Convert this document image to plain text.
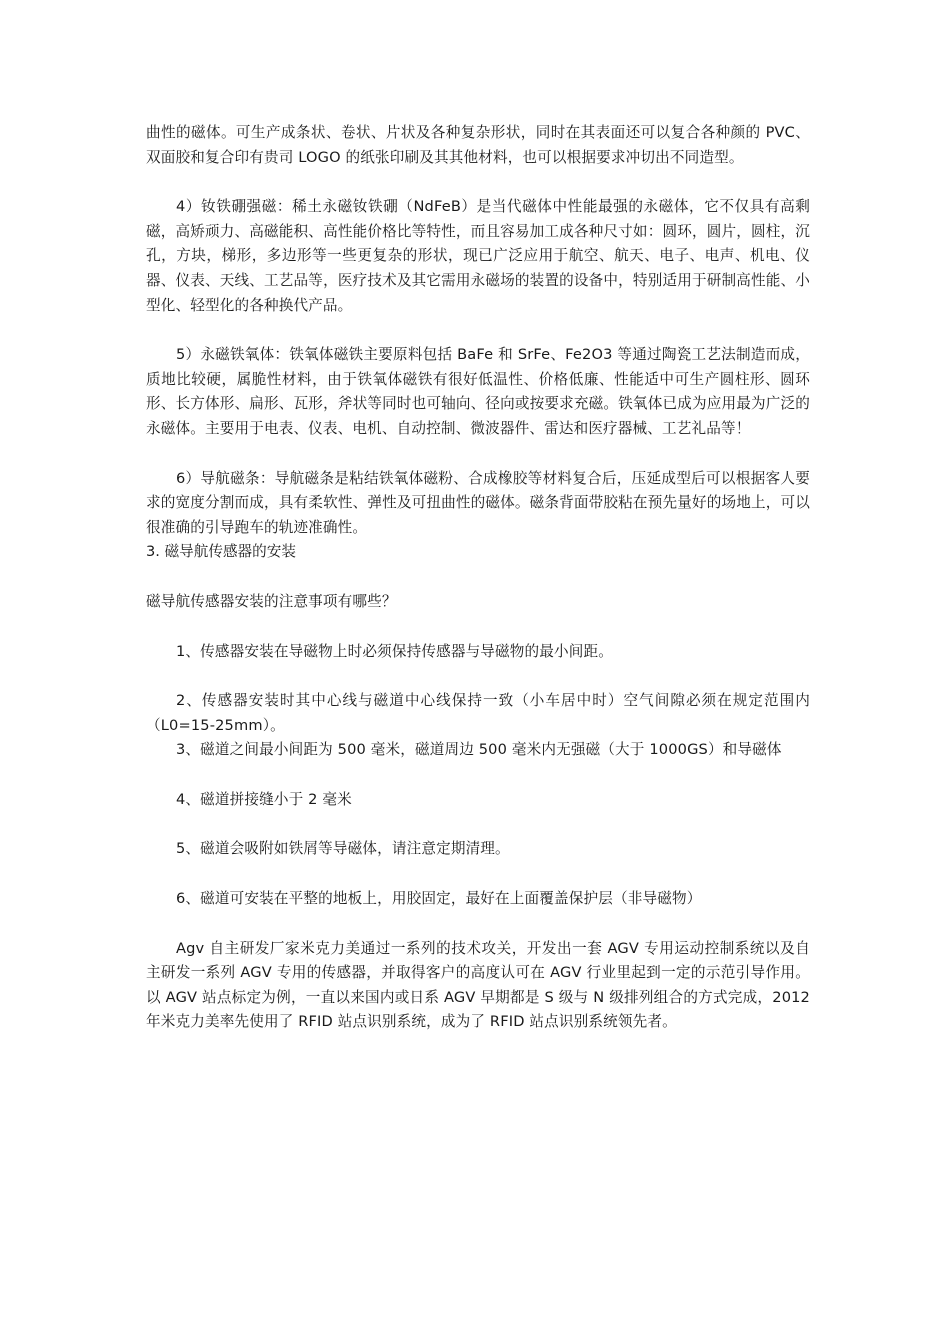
曲性的磁体。可生产成条状、卷状、片状及各种复杂形状，同时在其表面还可以复合各种颜的 PVC、双面胶和复合印有贵司 LOGO 的纸张印刷及其其他材料，也可以根据要求冲切出不同造型。

4）钕铁硼强磁：稀土永磁钕铁硼（NdFeB）是当代磁体中性能最强的永磁体，它不仅具有高剩磁，高矫顽力、高磁能积、高性能价格比等特性，而且容易加工成各种尺寸如：圆环，圆片，圆柱，沉孔，方块，梯形，多边形等一些更复杂的形状，现已广泛应用于航空、航天、电子、电声、机电、仪器、仪表、天线、工艺品等，医疗技术及其它需用永磁场的装置的设备中，特别适用于研制高性能、小型化、轻型化的各种换代产品。

5）永磁铁氧体：铁氧体磁铁主要原料包括 BaFe 和 SrFe、Fe2O3 等通过陶瓷工艺法制造而成，质地比较硬，属脆性材料，由于铁氧体磁铁有很好低温性、价格低廉、性能适中可生产圆柱形、圆环形、长方体形、扁形、瓦形，斧状等同时也可轴向、径向或按要求充磁。铁氧体已成为应用最为广泛的永磁体。主要用于电表、仪表、电机、自动控制、微波器件、雷达和医疗器械、工艺礼品等！

6）导航磁条：导航磁条是粘结铁氧体磁粉、合成橡胶等材料复合后，压延成型后可以根据客人要求的宽度分割而成，具有柔软性、弹性及可扭曲性的磁体。磁条背面带胶粘在预先量好的场地上，可以很准确的引导跑车的轨迹准确性。

3. 磁导航传感器的安装

磁导航传感器安装的注意事项有哪些？

1、传感器安装在导磁物上时必须保持传感器与导磁物的最小间距。

2、传感器安装时其中心线与磁道中心线保持一致（小车居中时）空气间隙必须在规定范围内（L0=15-25mm）。

3、磁道之间最小间距为 500 毫米，磁道周边 500 毫米内无强磁（大于 1000GS）和导磁体

4、磁道拼接缝小于 2 毫米

5、磁道会吸附如铁屑等导磁体，请注意定期清理。

6、磁道可安装在平整的地板上，用胶固定，最好在上面覆盖保护层（非导磁物）

Agv 自主研发厂家米克力美通过一系列的技术攻关，开发出一套 AGV 专用运动控制系统以及自主研发一系列 AGV 专用的传感器，并取得客户的高度认可在 AGV 行业里起到一定的示范引导作用。以 AGV 站点标定为例，一直以来国内或日系 AGV 早期都是 S 级与 N 级排列组合的方式完成，2012 年米克力美率先使用了 RFID 站点识别系统，成为了 RFID 站点识别系统领先者。
